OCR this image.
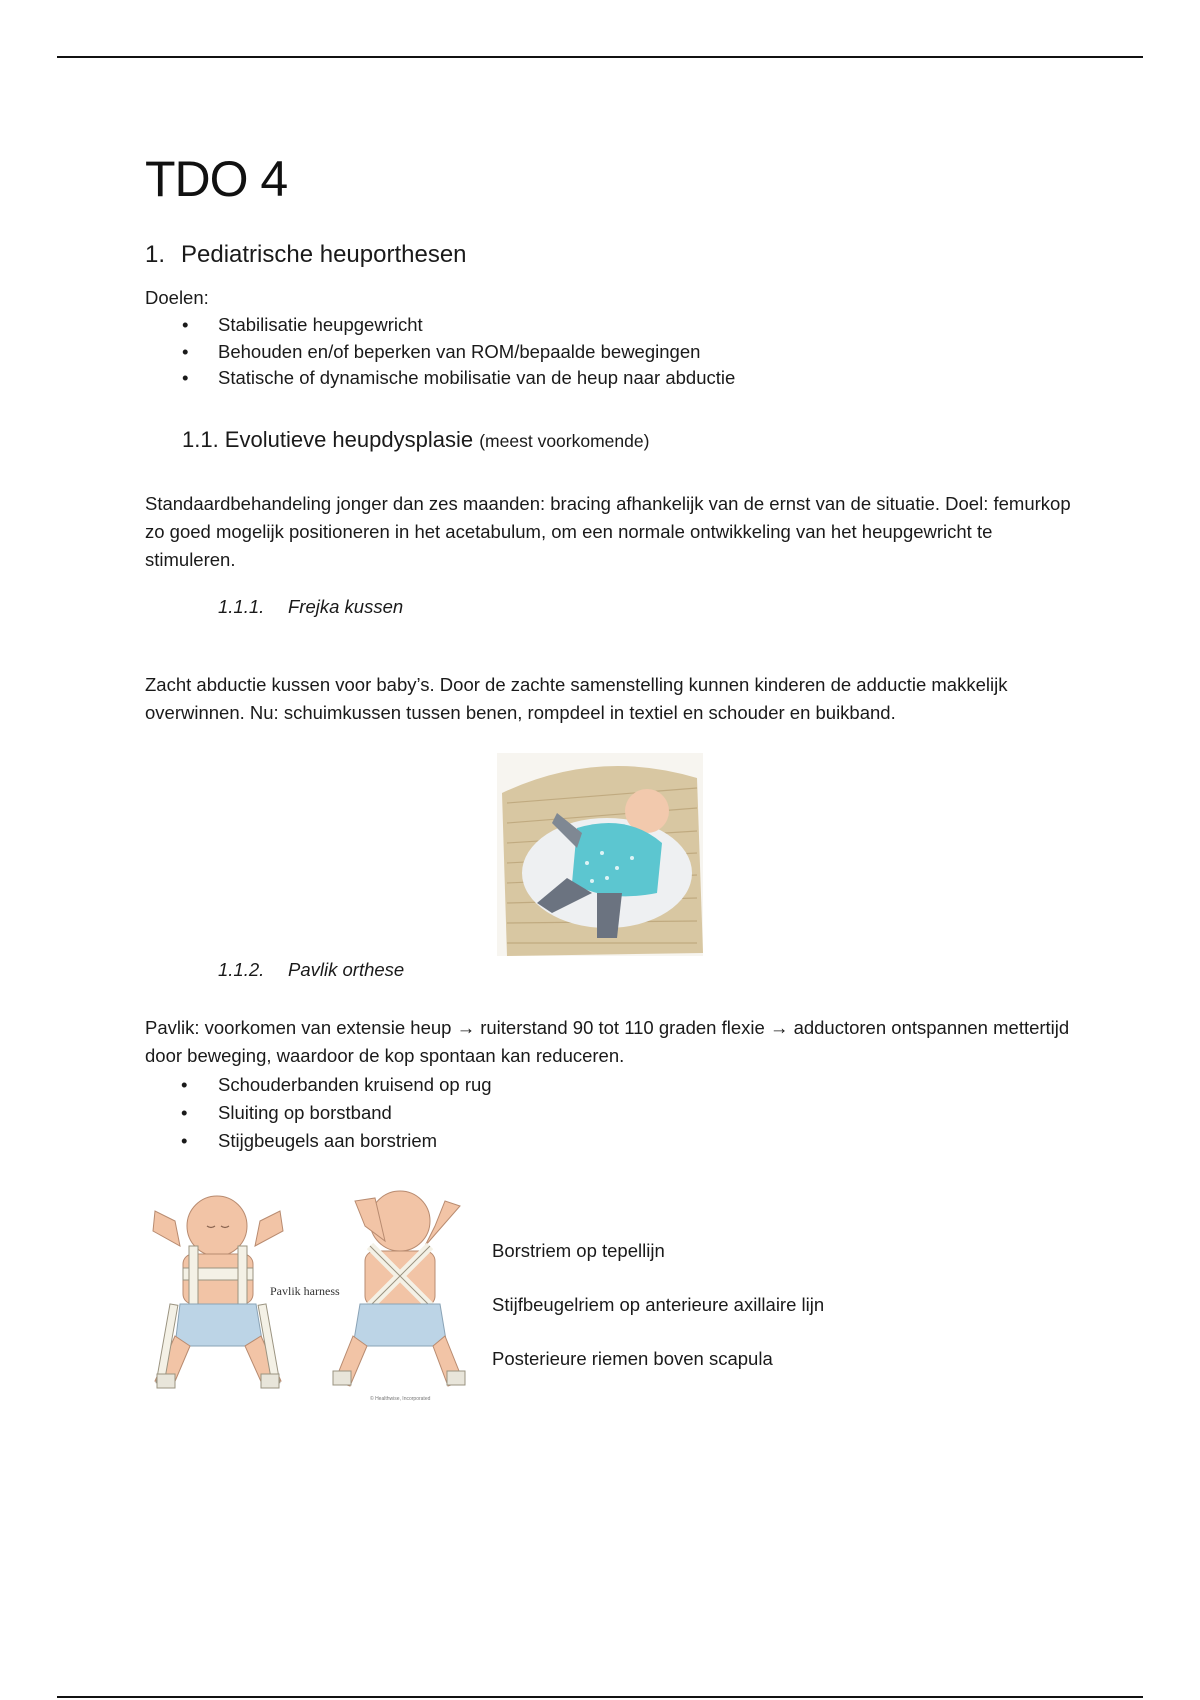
TDO 4
1. Pediatrische heuporthesen
Doelen:
• Stabilisatie heupgewricht
• Behouden en/of beperken van ROM/bepaalde bewegingen
• Statische of dynamische mobilisatie van de heup naar abductie
1.1. Evolutieve heupdysplasie (meest voorkomende)
Standaardbehandeling jonger dan zes maanden: bracing afhankelijk van de ernst van de situatie. Doel: femurkop zo goed mogelijk positioneren in het acetabulum, om een normale ontwikkeling van het heupgewricht te stimuleren.
1.1.1. Frejka kussen
Zacht abductie kussen voor baby’s. Door de zachte samenstelling kunnen kinderen de adductie makkelijk overwinnen. Nu: schuimkussen tussen benen, rompdeel in textiel en schouder en buikband.
1.1.2. Pavlik orthese
Pavlik: voorkomen van extensie heup → ruiterstand 90 tot 110 graden flexie → adductoren ontspannen mettertijd door beweging, waardoor de kop spontaan kan reduceren.
• Schouderbanden kruisend op rug
• Sluiting op borstband
• Stijgbeugels aan borstriem
Pavlik harness
© Healthwise, Incorporated
Borstriem op tepellijn
Stijfbeugelriem op anterieure axillaire lijn
Posterieure riemen boven scapula
